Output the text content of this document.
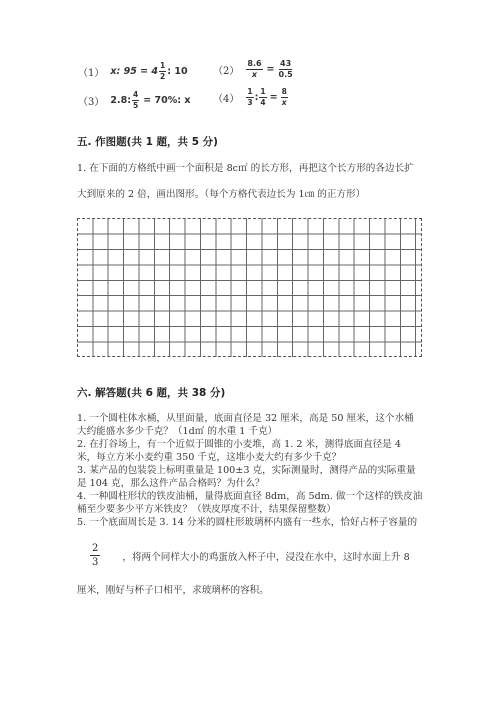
（1） x: $95 = 4 \frac{1}{2}$ : 10	$(2) \frac{8.6}{x} = \frac{43}{0.5}$
（3） 2.8: $\frac{4}{5} = 70\%$: x $(4) \frac{1}{3}$ : $\frac{1}{4} = \frac{8}{x}$
五. 作图题(共 1 题，共 5 分)
1. 在下面的方格纸中画一个面积是 8c㎡ 的长方形，再把这个长方形的各边长扩
大到原来的 2 倍，画出图形。（每个方格代表边长为 1㎝ 的正方形）
六. 解答题(共 6 题，共 38 分)
1. 一个圆柱体水桶，从里面量，底面直径是 32 厘米，高是 50 厘米，这个水桶
大约能盛水多少千克？（1d㎥ 的水重 1 千克）
2. 在打谷场上，有一个近似于圆锥的小麦堆，高 1. 2 米，测得底面直径是 4
米，每立方米小麦约重 350 千克，这堆小麦大约有多少千克？
3. 某产品的包装袋上标明重量是 100±3 克，实际测量时，测得产品的实际重量
是 104 克，那么这件产品合格吗？为什么？
4. 一种圆柱形状的铁皮油桶，量得底面直径 8dm，高 5dm. 做一个这样的铁皮油
桶至少要多少平方米铁皮？（铁皮厚度不计，结果保留整数）
5. 一个底面周长是 3. 14 分米的圆柱形玻璃杯内盛有一些水，恰好占杯子容量的
2
3	，将两个同样大小的鸡蛋放入杯子中，浸没在水中，这时水面上升 8
厘米，刚好与杯子口相平，求玻璃杯的容积。
